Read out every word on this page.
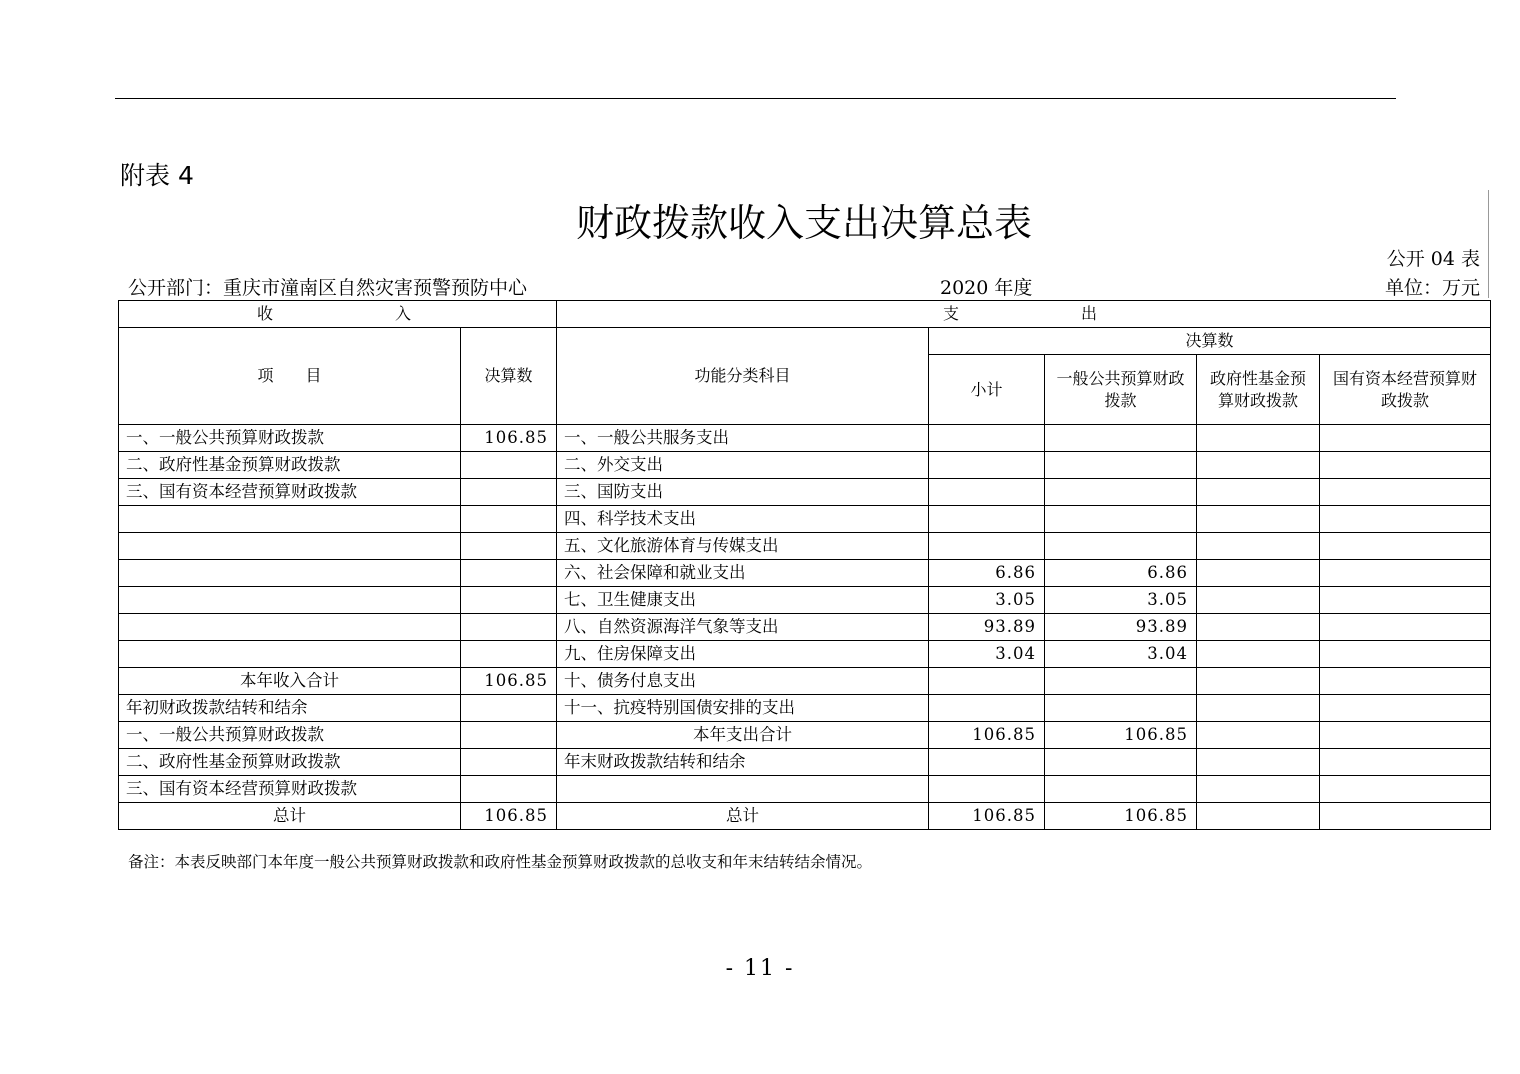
附表 4
财政拨款收入支出决算总表
公开 04 表
公开部门：重庆市潼南区自然灾害预警预防中心	2020 年度	单位：万元
收　　入		支　　出				
项　　目	决算数	功能分类科目	决算数			
			小计	一般公共预算财政拨款	政府性基金预算财政拨款	国有资本经营预算财政拨款
一、一般公共预算财政拨款	106.85	一、一般公共服务支出				
二、政府性基金预算财政拨款		二、外交支出				
三、国有资本经营预算财政拨款		三、国防支出				
		四、科学技术支出				
		五、文化旅游体育与传媒支出				
		六、社会保障和就业支出	6.86	6.86		
		七、卫生健康支出	3.05	3.05		
		八、自然资源海洋气象等支出	93.89	93.89		
		九、住房保障支出	3.04	3.04		
本年收入合计	106.85	十、债务付息支出				
年初财政拨款结转和结余		十一、抗疫特别国债安排的支出				
一、一般公共预算财政拨款		本年支出合计	106.85	106.85		
二、政府性基金预算财政拨款		年末财政拨款结转和结余				
三、国有资本经营预算财政拨款						
总计	106.85	总计	106.85	106.85		
备注：本表反映部门本年度一般公共预算财政拨款和政府性基金预算财政拨款的总收支和年末结转结余情况。
- 11 -
